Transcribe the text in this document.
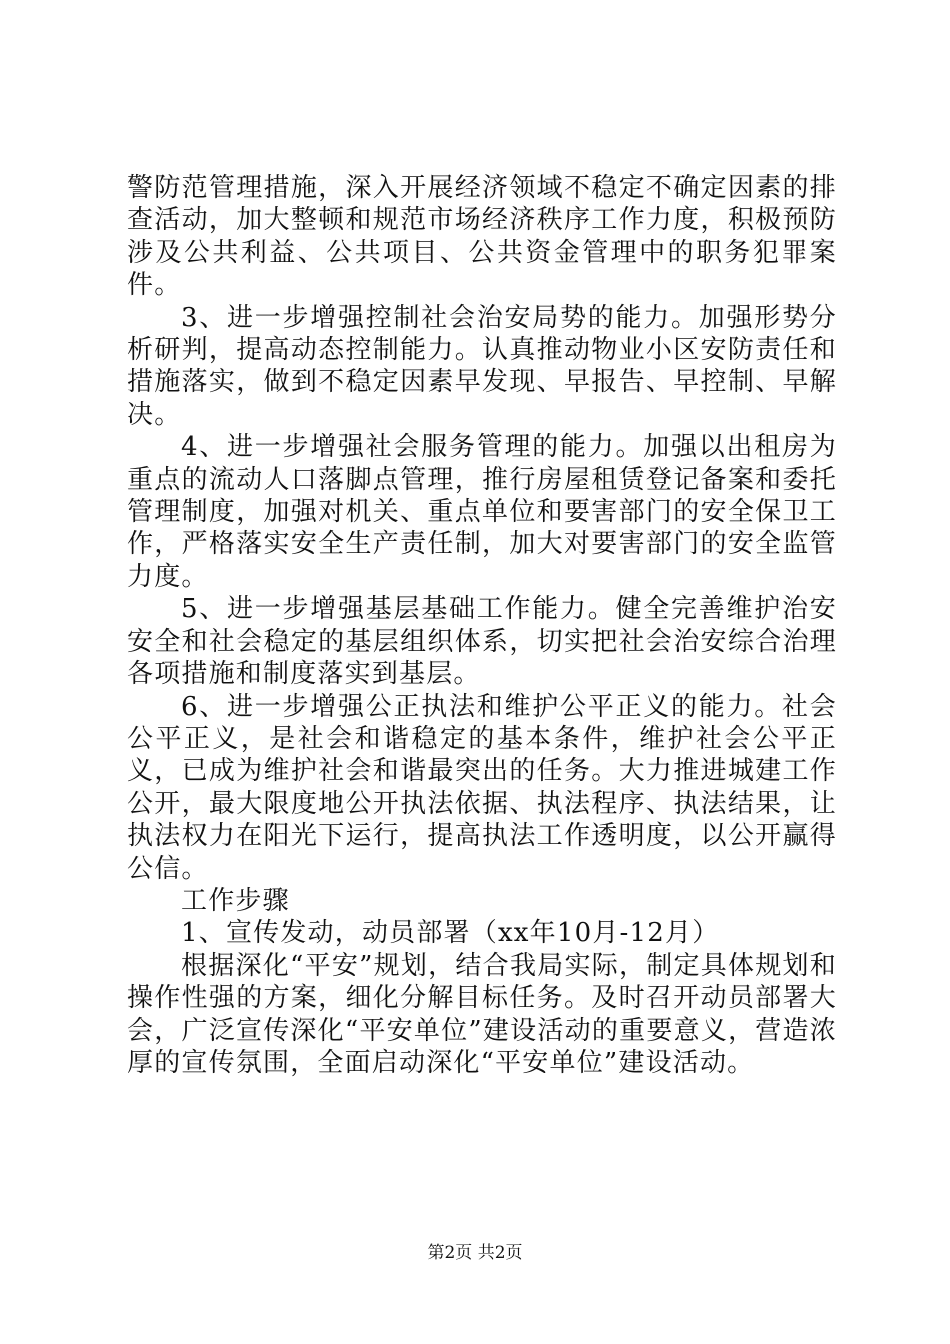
警防范管理措施，深入开展经济领域不稳定不确定因素的排查活动，加大整顿和规范市场经济秩序工作力度，积极预防涉及公共利益、公共项目、公共资金管理中的职务犯罪案件。

3、进一步增强控制社会治安局势的能力。加强形势分析研判，提高动态控制能力。认真推动物业小区安防责任和措施落实，做到不稳定因素早发现、早报告、早控制、早解决。

4、进一步增强社会服务管理的能力。加强以出租房为重点的流动人口落脚点管理，推行房屋租赁登记备案和委托管理制度，加强对机关、重点单位和要害部门的安全保卫工作，严格落实安全生产责任制，加大对要害部门的安全监管力度。

5、进一步增强基层基础工作能力。健全完善维护治安安全和社会稳定的基层组织体系，切实把社会治安综合治理各项措施和制度落实到基层。

6、进一步增强公正执法和维护公平正义的能力。社会公平正义，是社会和谐稳定的基本条件，维护社会公平正义，已成为维护社会和谐最突出的任务。大力推进城建工作公开，最大限度地公开执法依据、执法程序、执法结果，让执法权力在阳光下运行，提高执法工作透明度，以公开赢得公信。

工作步骤

1、宣传发动，动员部署（xx年10月-12月）

根据深化“平安”规划，结合我局实际，制定具体规划和操作性强的方案，细化分解目标任务。及时召开动员部署大会，广泛宣传深化“平安单位”建设活动的重要意义，营造浓厚的宣传氛围，全面启动深化“平安单位”建设活动。

第2页 共2页
